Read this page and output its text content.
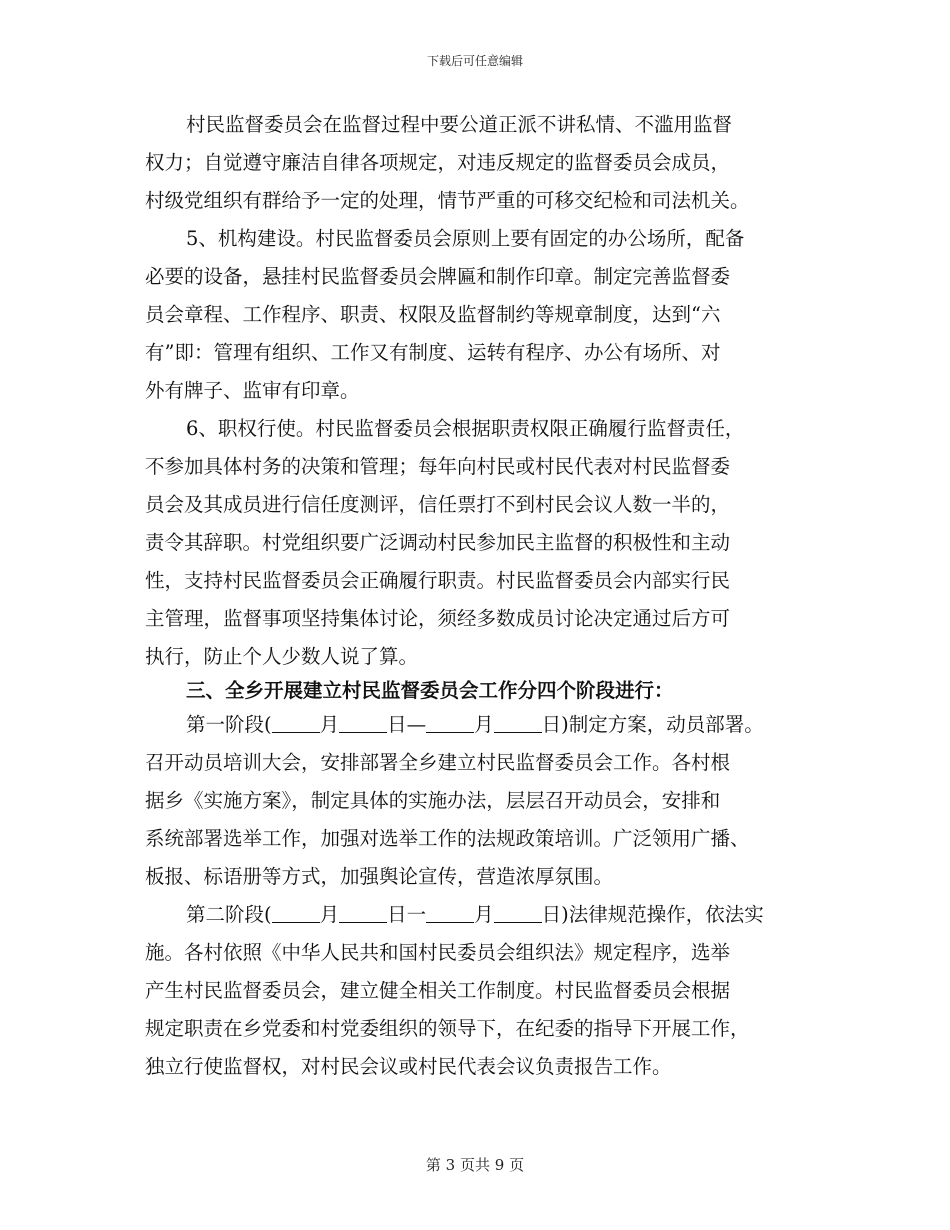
下载后可任意编辑
村民监督委员会在监督过程中要公道正派不讲私情、不滥用监督
权力；自觉遵守廉洁自律各项规定，对违反规定的监督委员会成员，
村级党组织有群给予一定的处理，情节严重的可移交纪检和司法机关。
5、机构建设。村民监督委员会原则上要有固定的办公场所，配备
必要的设备，悬挂村民监督委员会牌匾和制作印章。制定完善监督委
员会章程、工作程序、职责、权限及监督制约等规章制度，达到“六
有”即：管理有组织、工作又有制度、运转有程序、办公有场所、对
外有牌子、监审有印章。
6、职权行使。村民监督委员会根据职责权限正确履行监督责任，
不参加具体村务的决策和管理；每年向村民或村民代表对村民监督委
员会及其成员进行信任度测评，信任票打不到村民会议人数一半的，
责令其辞职。村党组织要广泛调动村民参加民主监督的积极性和主动
性，支持村民监督委员会正确履行职责。村民监督委员会内部实行民
主管理，监督事项坚持集体讨论，须经多数成员讨论决定通过后方可
执行，防止个人少数人说了算。
三、全乡开展建立村民监督委员会工作分四个阶段进行：
第一阶段( 月 日— 月 日)制定方案，动员部署。
召开动员培训大会，安排部署全乡建立村民监督委员会工作。各村根
据乡《实施方案》，制定具体的实施办法，层层召开动员会，安排和
系统部署选举工作，加强对选举工作的法规政策培训。广泛领用广播、
板报、标语册等方式，加强舆论宣传，营造浓厚氛围。
第二阶段( 月 日一 月 日)法律规范操作，依法实
施。各村依照《中华人民共和国村民委员会组织法》规定程序，选举
产生村民监督委员会，建立健全相关工作制度。村民监督委员会根据
规定职责在乡党委和村党委组织的领导下，在纪委的指导下开展工作，
独立行使监督权，对村民会议或村民代表会议负责报告工作。
第 3 页共 9 页
